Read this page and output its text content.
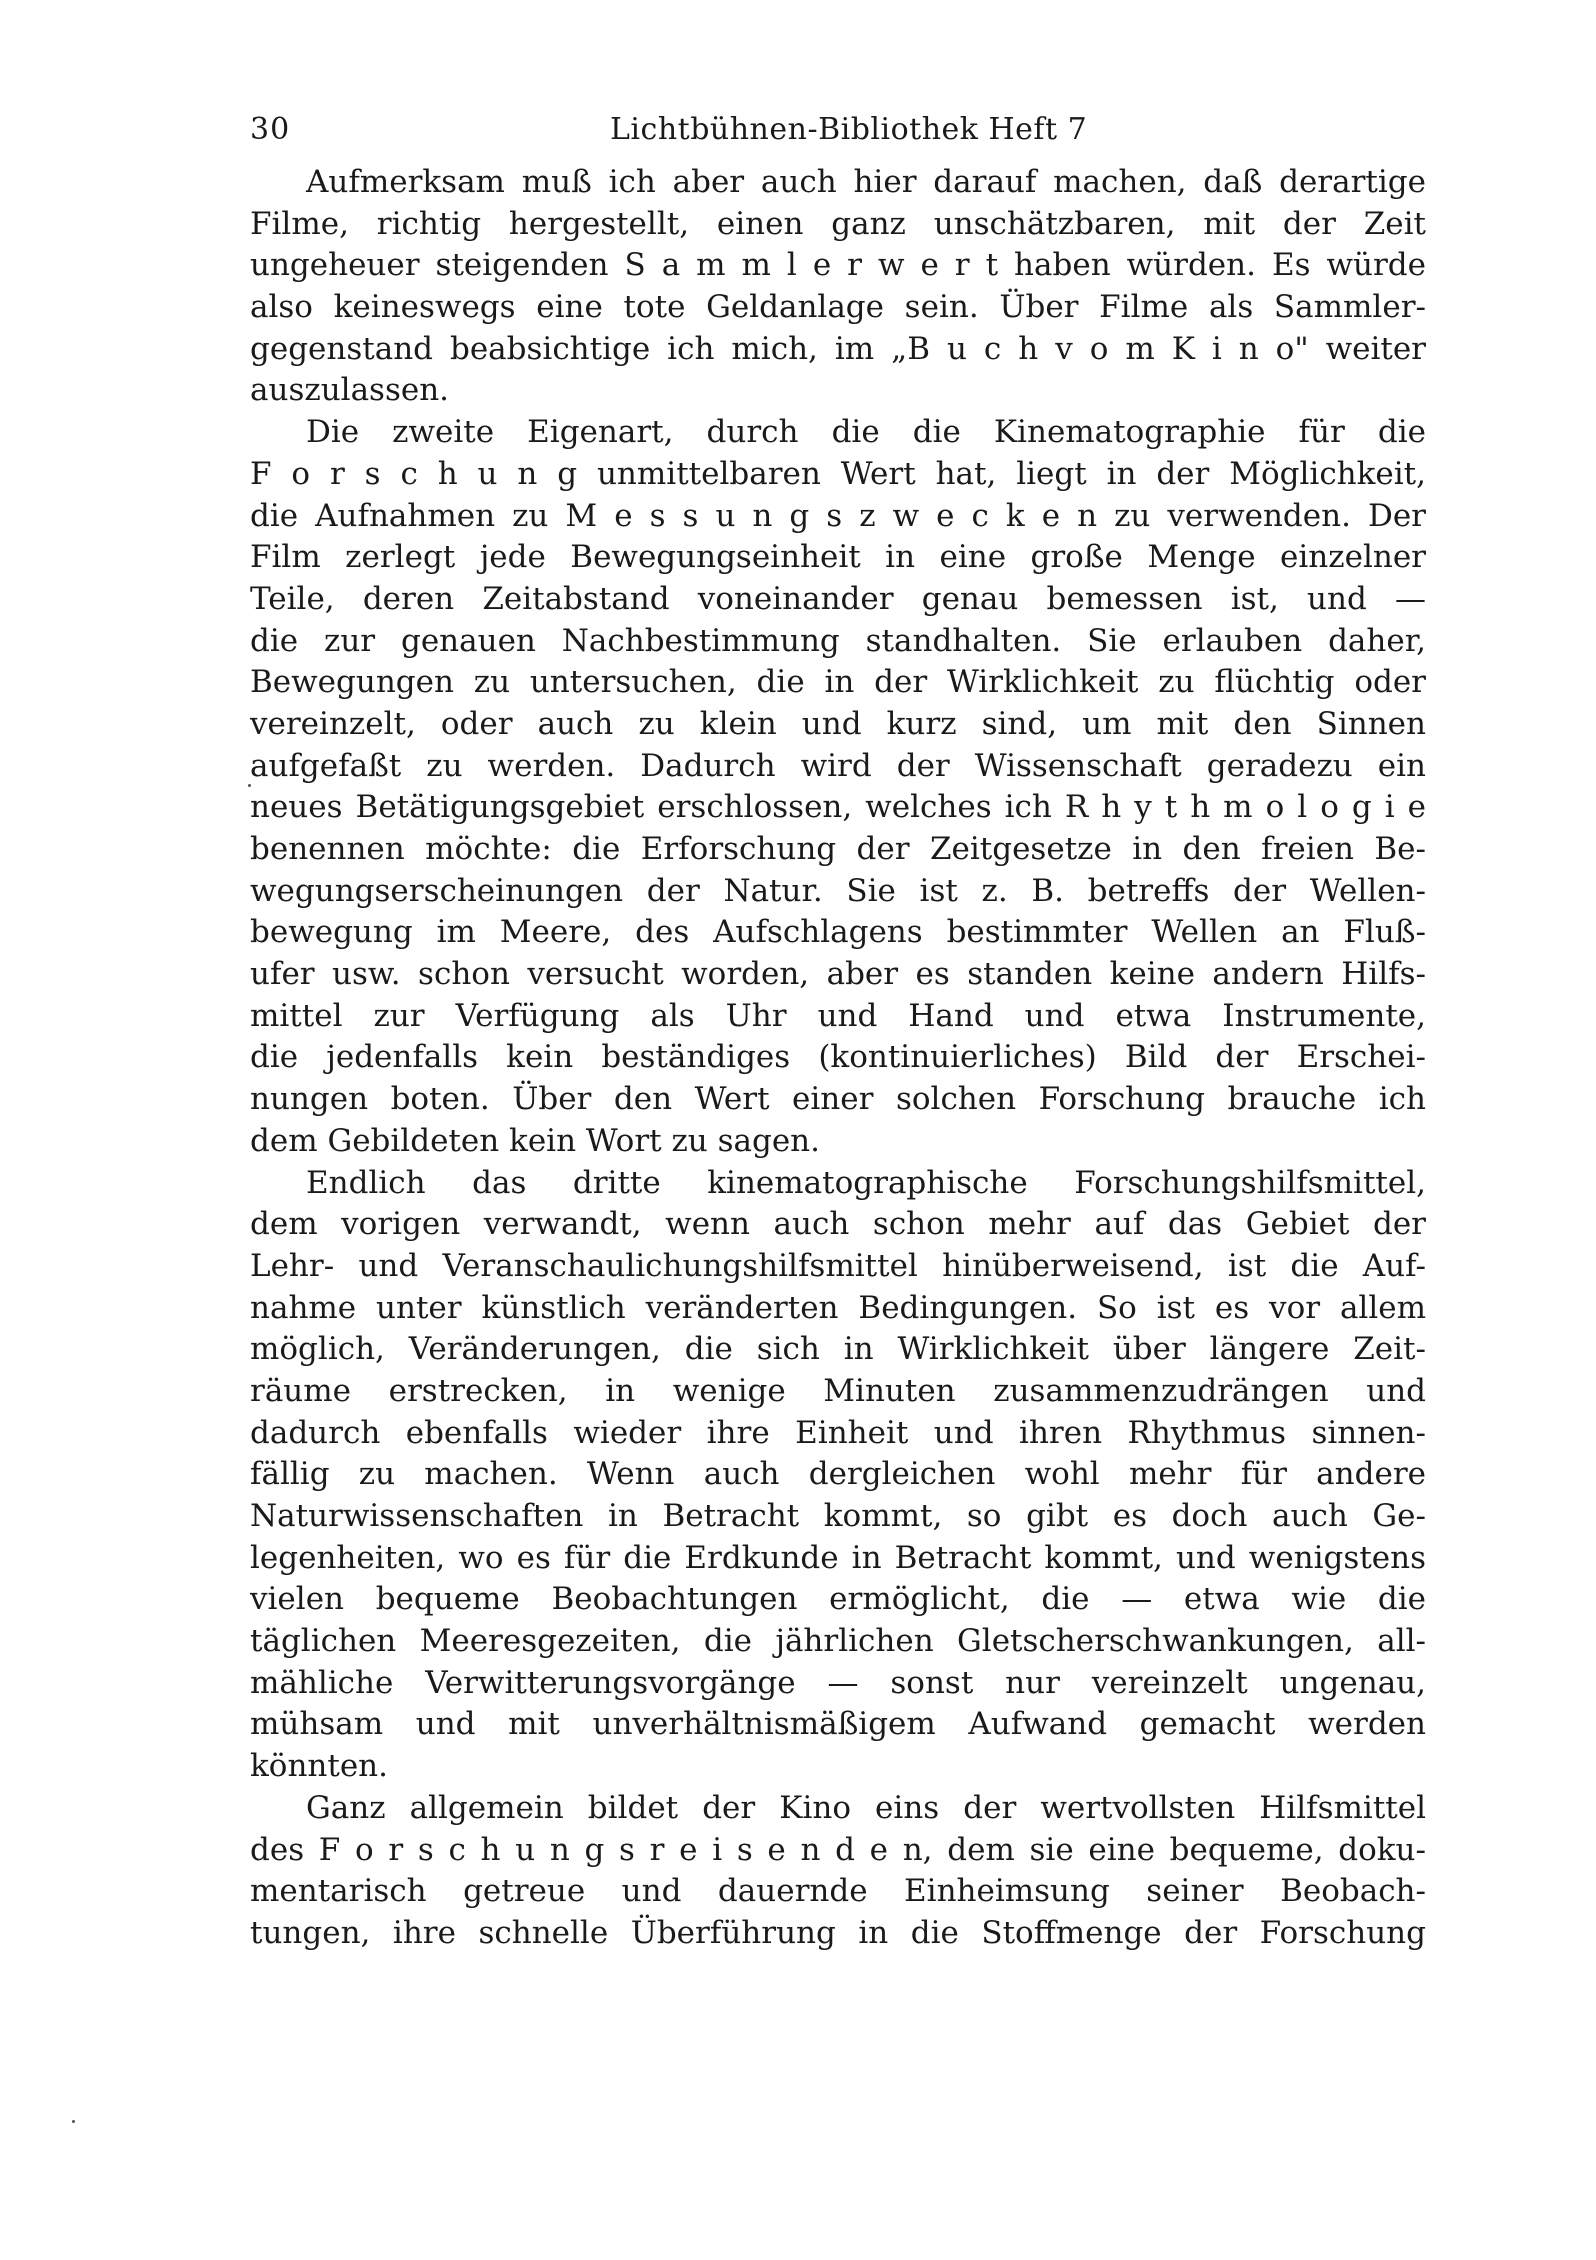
30	Lichtbühnen-Bibliothek Heft 7
Aufmerksam muß ich aber auch hier darauf machen, daß derartige
Filme, richtig hergestellt, einen ganz unschätzbaren, mit der Zeit
ungeheuer steigenden S a m m l e r w e r t haben würden. Es würde
also keineswegs eine tote Geldanlage sein. Über Filme als Sammler-
gegenstand beabsichtige ich mich, im „B u c h v o m K i n o" weiter
auszulassen.
Die zweite Eigenart, durch die die Kinematographie für die
F o r s c h u n g unmittelbaren Wert hat, liegt in der Möglichkeit,
die Aufnahmen zu M e s s u n g s z w e c k e n zu verwenden. Der
Film zerlegt jede Bewegungseinheit in eine große Menge einzelner
Teile, deren Zeitabstand voneinander genau bemessen ist, und —
die zur genauen Nachbestimmung standhalten. Sie erlauben daher,
Bewegungen zu untersuchen, die in der Wirklichkeit zu flüchtig oder
vereinzelt, oder auch zu klein und kurz sind, um mit den Sinnen
aufgefaßt zu werden. Dadurch wird der Wissenschaft geradezu ein
neues Betätigungsgebiet erschlossen, welches ich R h y t h m o l o g i e
benennen möchte: die Erforschung der Zeitgesetze in den freien Be-
wegungserscheinungen der Natur. Sie ist z. B. betreffs der Wellen-
bewegung im Meere, des Aufschlagens bestimmter Wellen an Fluß-
ufer usw. schon versucht worden, aber es standen keine andern Hilfs-
mittel zur Verfügung als Uhr und Hand und etwa Instrumente,
die jedenfalls kein beständiges (kontinuierliches) Bild der Erschei-
nungen boten. Über den Wert einer solchen Forschung brauche ich
dem Gebildeten kein Wort zu sagen.
Endlich das dritte kinematographische Forschungshilfsmittel,
dem vorigen verwandt, wenn auch schon mehr auf das Gebiet der
Lehr- und Veranschaulichungshilfsmittel hinüberweisend, ist die Auf-
nahme unter künstlich veränderten Bedingungen. So ist es vor allem
möglich, Veränderungen, die sich in Wirklichkeit über längere Zeit-
räume erstrecken, in wenige Minuten zusammenzudrängen und
dadurch ebenfalls wieder ihre Einheit und ihren Rhythmus sinnen-
fällig zu machen. Wenn auch dergleichen wohl mehr für andere
Naturwissenschaften in Betracht kommt, so gibt es doch auch Ge-
legenheiten, wo es für die Erdkunde in Betracht kommt, und wenigstens
vielen bequeme Beobachtungen ermöglicht, die — etwa wie die
täglichen Meeresgezeiten, die jährlichen Gletscherschwankungen, all-
mähliche Verwitterungsvorgänge — sonst nur vereinzelt ungenau,
mühsam und mit unverhältnismäßigem Aufwand gemacht werden
könnten.
Ganz allgemein bildet der Kino eins der wertvollsten Hilfsmittel
des F o r s c h u n g s r e i s e n d e n, dem sie eine bequeme, doku-
mentarisch getreue und dauernde Einheimsung seiner Beobach-
tungen, ihre schnelle Überführung in die Stoffmenge der Forschung
